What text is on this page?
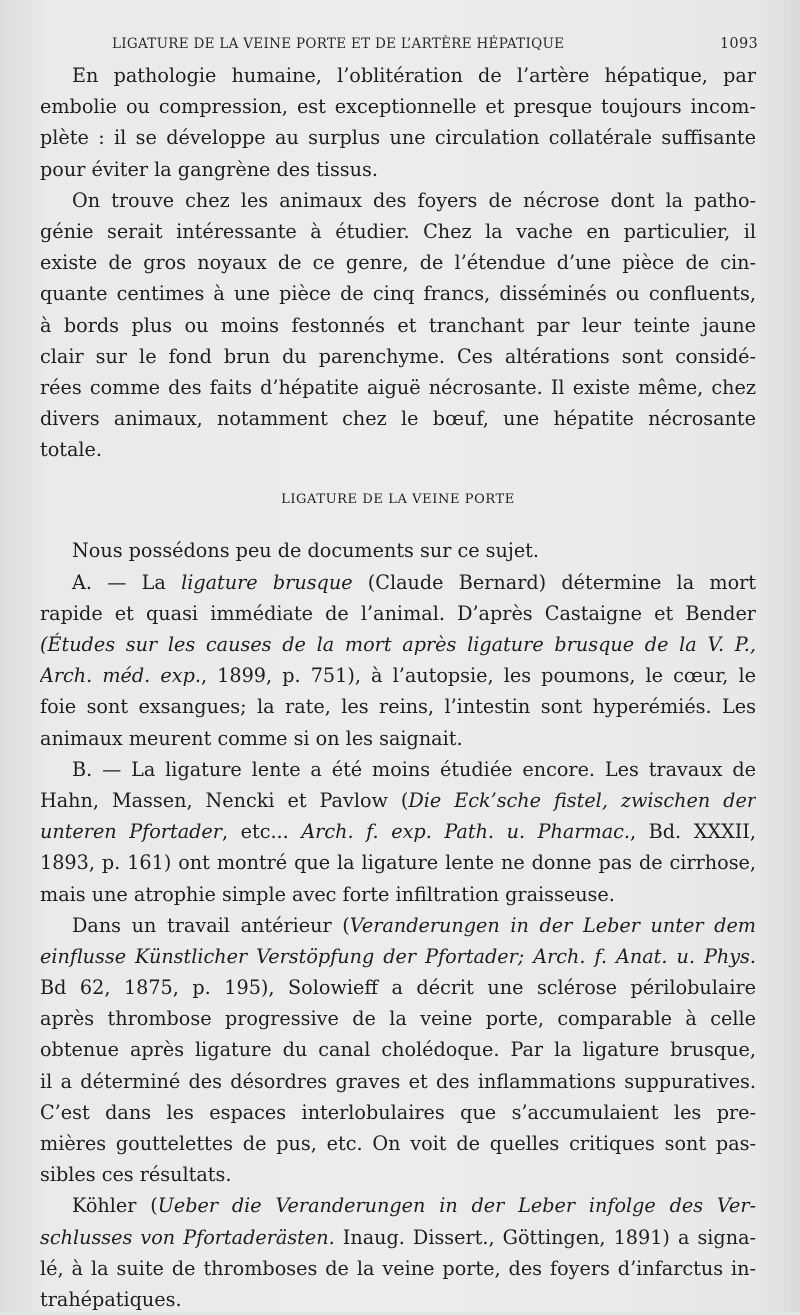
LIGATURE DE LA VEINE PORTE ET DE L’ARTÈRE HÉPATIQUE	1093
En pathologie humaine, l’oblitération de l’artère hépatique, par
embolie ou compression, est exceptionnelle et presque toujours incom-
plète : il se développe au surplus une circulation collatérale suffisante
pour éviter la gangrène des tissus.
On trouve chez les animaux des foyers de nécrose dont la patho-
génie serait intéressante à étudier. Chez la vache en particulier, il
existe de gros noyaux de ce genre, de l’étendue d’une pièce de cin-
quante centimes à une pièce de cinq francs, disséminés ou confluents,
à bords plus ou moins festonnés et tranchant par leur teinte jaune
clair sur le fond brun du parenchyme. Ces altérations sont considé-
rées comme des faits d’hépatite aiguë nécrosante. Il existe même, chez
divers animaux, notamment chez le bœuf, une hépatite nécrosante
totale.
LIGATURE DE LA VEINE PORTE
Nous possédons peu de documents sur ce sujet.
A. — La ligature brusque (Claude Bernard) détermine la mort
rapide et quasi immédiate de l’animal. D’après Castaigne et Bender
(Études sur les causes de la mort après ligature brusque de la V. P.,
Arch. méd. exp., 1899, p. 751), à l’autopsie, les poumons, le cœur, le
foie sont exsangues; la rate, les reins, l’intestin sont hyperémiés. Les
animaux meurent comme si on les saignait.
B. — La ligature lente a été moins étudiée encore. Les travaux de
Hahn, Massen, Nencki et Pavlow (Die Eck’sche fistel, zwischen der
unteren Pfortader, etc... Arch. f. exp. Path. u. Pharmac., Bd. XXXII,
1893, p. 161) ont montré que la ligature lente ne donne pas de cirrhose,
mais une atrophie simple avec forte infiltration graisseuse.
Dans un travail antérieur (Veranderungen in der Leber unter dem
einflusse Künstlicher Verstöpfung der Pfortader; Arch. f. Anat. u. Phys.
Bd 62, 1875, p. 195), Solowieff a décrit une sclérose périlobulaire
après thrombose progressive de la veine porte, comparable à celle
obtenue après ligature du canal cholédoque. Par la ligature brusque,
il a déterminé des désordres graves et des inflammations suppuratives.
C’est dans les espaces interlobulaires que s’accumulaient les pre-
mières gouttelettes de pus, etc. On voit de quelles critiques sont pas-
sibles ces résultats.
Köhler (Ueber die Veranderungen in der Leber infolge des Ver-
schlusses von Pfortaderästen. Inaug. Dissert., Göttingen, 1891) a signa-
lé, à la suite de thromboses de la veine porte, des foyers d’infarctus in-
trahépatiques.
